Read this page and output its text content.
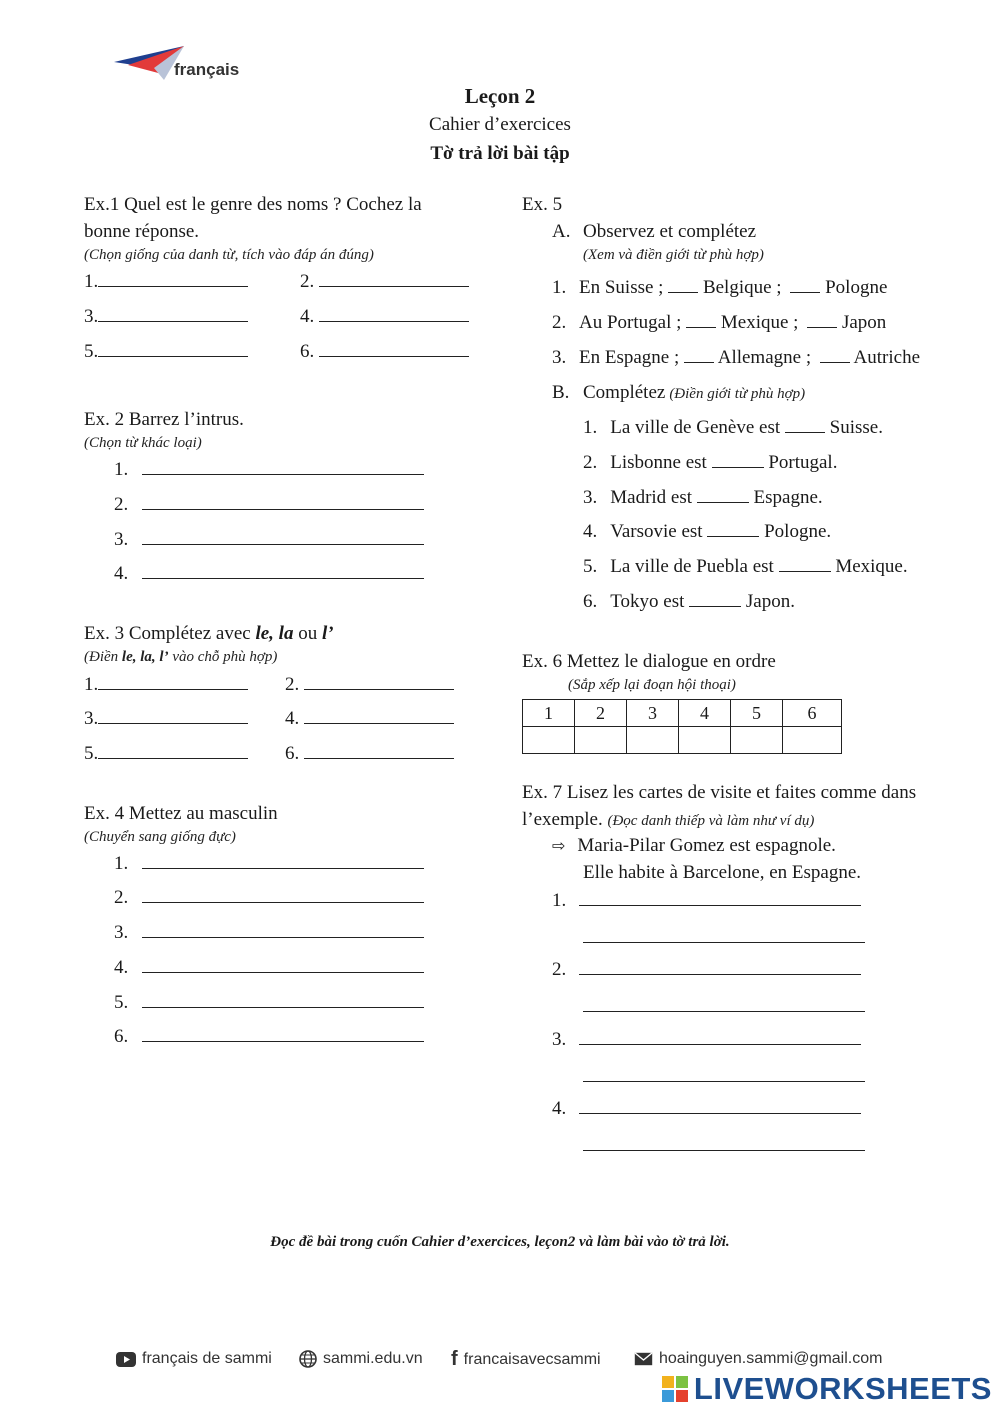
français
Leçon 2
Cahier d’exercices
Tờ trả lời bài tập
Ex.1 Quel est le genre des noms ? Cochez la
bonne réponse.
(Chọn giống của danh từ, tích vào đáp án đúng)
1.	2.
3.	4.
5.	6.
Ex. 2 Barrez l’intrus.
(Chọn từ khác loại)
1.
2.
3.
4.
Ex. 3 Complétez avec le, la ou l’
(Điền le, la, l’ vào chỗ phù hợp)
1.	2.
3.	4.
5.	6.
Ex. 4 Mettez au masculin
(Chuyển sang giống đực)
1.
2.
3.
4.
5.
6.
Ex. 5
A. Observez et complétez
(Xem và điền giới từ phù hợp)
1. En Suisse ;  Belgique ;  Pologne
2. Au Portugal ;  Mexique ;  Japon
3. En Espagne ;  Allemagne ;  Autriche
B. Complétez (Điền giới từ phù hợp)
1. La ville de Genève est  Suisse.
2. Lisbonne est	Portugal.
3. Madrid est	Espagne.
4. Varsovie est	Pologne.
5. La ville de Puebla est	Mexique.
6. Tokyo est	Japon.
Ex. 6 Mettez le dialogue en ordre
(Sắp xếp lại đoạn hội thoại)
1	2	3	4	5	6

Ex. 7 Lisez les cartes de visite et faites comme dans
l’exemple. (Đọc danh thiếp và làm như ví dụ)
⇨ Maria-Pilar Gomez est espagnole.
Elle habite à Barcelone, en Espagne.
1.
2.
3.
4.
Đọc đề bài trong cuốn Cahier d’exercices, leçon2 và làm bài vào tờ trả lời.
français de sammi	sammi.edu.vn f francaisavecsammi	hoainguyen.sammi@gmail.com
LIVEWORKSHEETS
